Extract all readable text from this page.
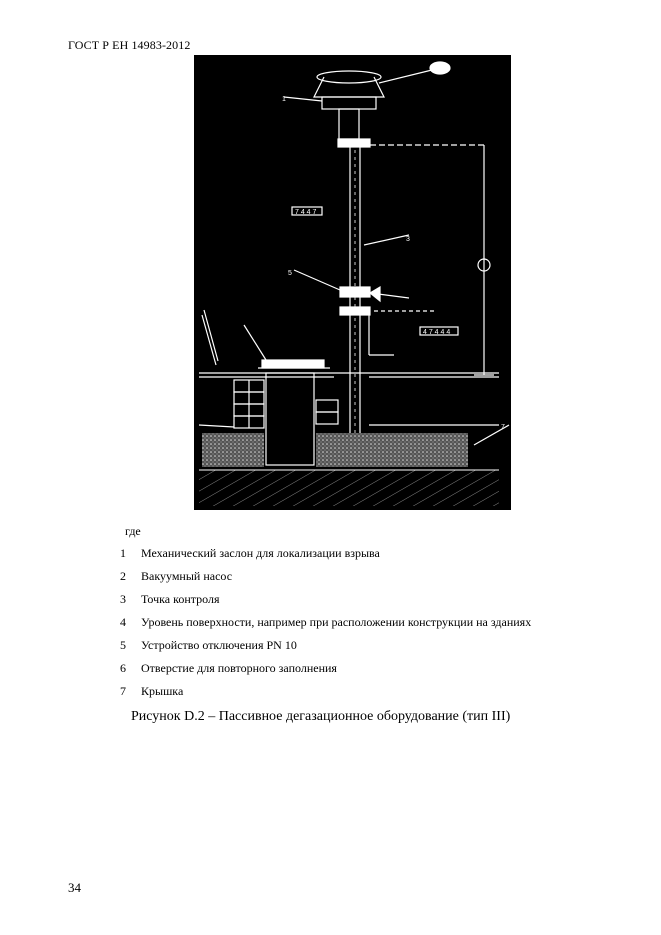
ГОСТ Р ЕН 14983-2012
1
3
5
7
7 4 4 7
4 7 4 4 4
где
1 Механический заслон для локализации взрыва
2 Вакуумный насос
3 Точка контроля
4 Уровень поверхности, например при расположении конструкции на зданиях
5 Устройство отключения PN 10
6 Отверстие для повторного заполнения
7 Крышка
Рисунок D.2 – Пассивное дегазационное оборудование (тип III)
34
